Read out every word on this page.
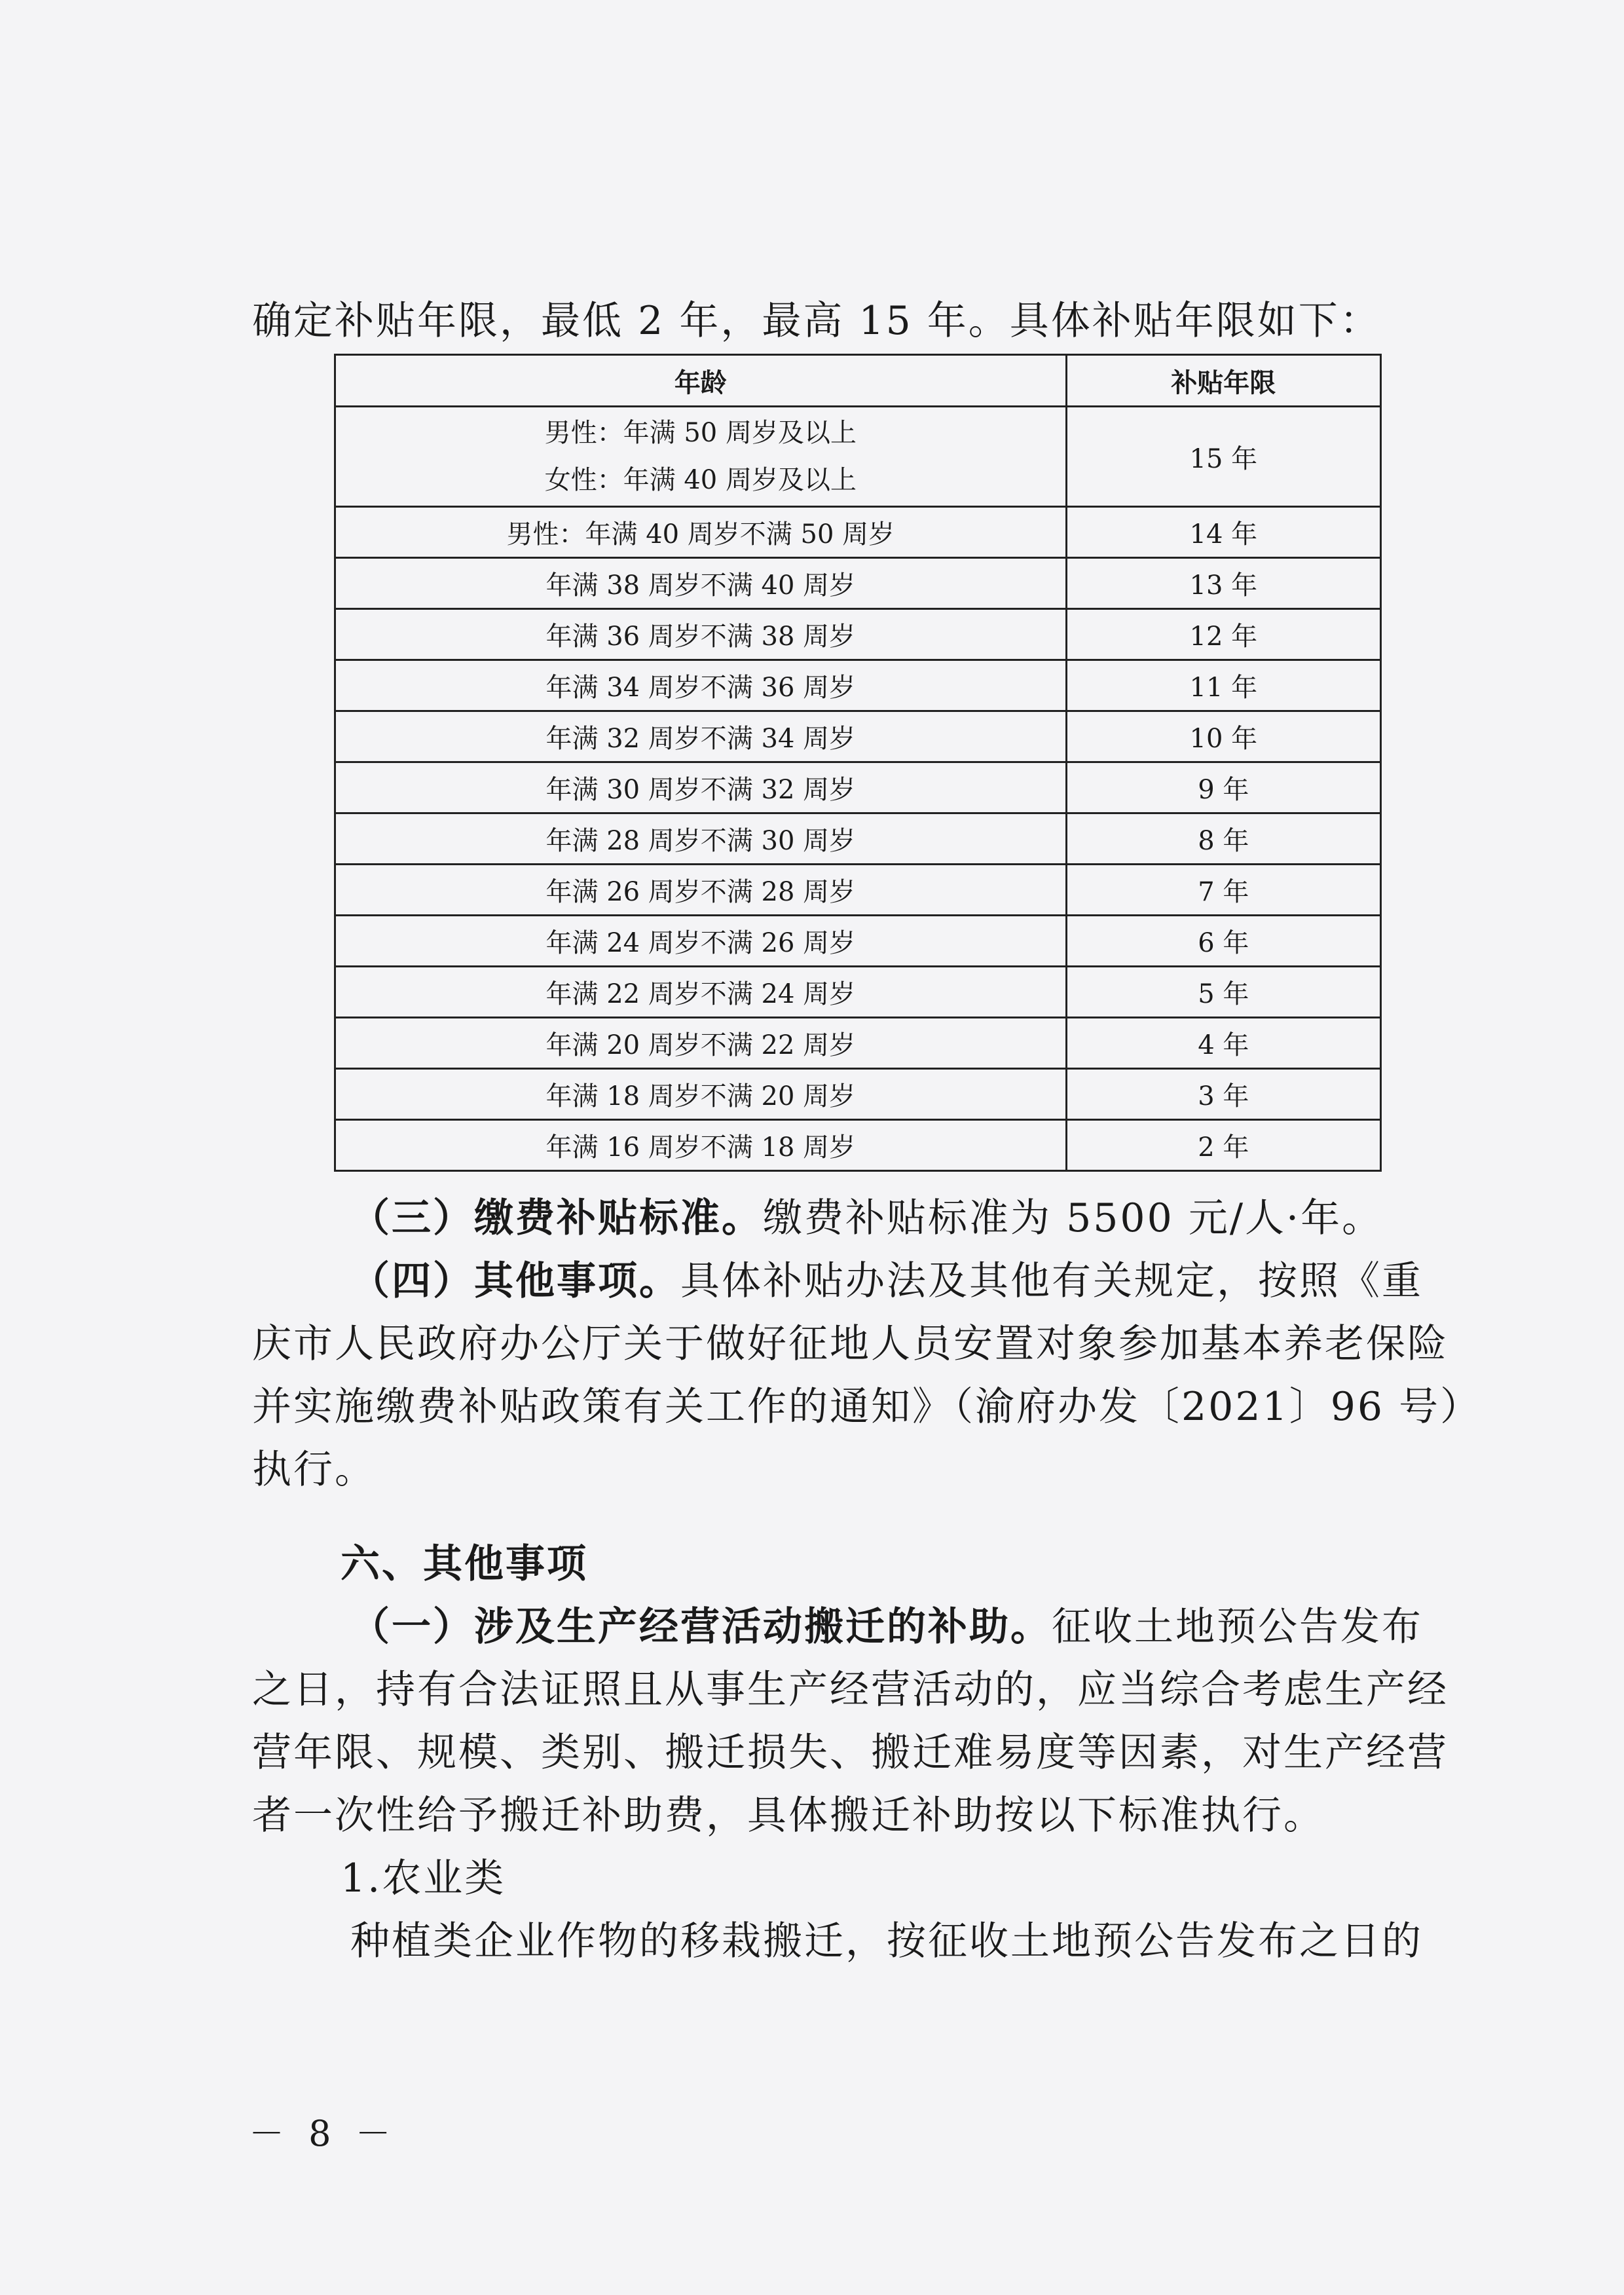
确定补贴年限，最低 2 年，最高 15 年。具体补贴年限如下：

年龄	补贴年限

男性：年满 50 周岁及以上
女性：年满 40 周岁及以上	15 年
男性：年满 40 周岁不满 50 周岁	14 年
年满 38 周岁不满 40 周岁	13 年
年满 36 周岁不满 38 周岁	12 年
年满 34 周岁不满 36 周岁	11 年
年满 32 周岁不满 34 周岁	10 年
年满 30 周岁不满 32 周岁	9 年
年满 28 周岁不满 30 周岁	8 年
年满 26 周岁不满 28 周岁	7 年
年满 24 周岁不满 26 周岁	6 年
年满 22 周岁不满 24 周岁	5 年
年满 20 周岁不满 22 周岁	4 年
年满 18 周岁不满 20 周岁	3 年
年满 16 周岁不满 18 周岁	2 年

（三）缴费补贴标准。缴费补贴标准为 5500 元/人·年。

（四）其他事项。具体补贴办法及其他有关规定，按照《重庆市人民政府办公厅关于做好征地人员安置对象参加基本养老保险并实施缴费补贴政策有关工作的通知》（渝府办发〔2021〕96 号）执行。

六、其他事项

（一）涉及生产经营活动搬迁的补助。征收土地预公告发布之日，持有合法证照且从事生产经营活动的，应当综合考虑生产经营年限、规模、类别、搬迁损失、搬迁难易度等因素，对生产经营者一次性给予搬迁补助费，具体搬迁补助按以下标准执行。

1.农业类

种植类企业作物的移栽搬迁，按征收土地预公告发布之日的

－ 8 －
